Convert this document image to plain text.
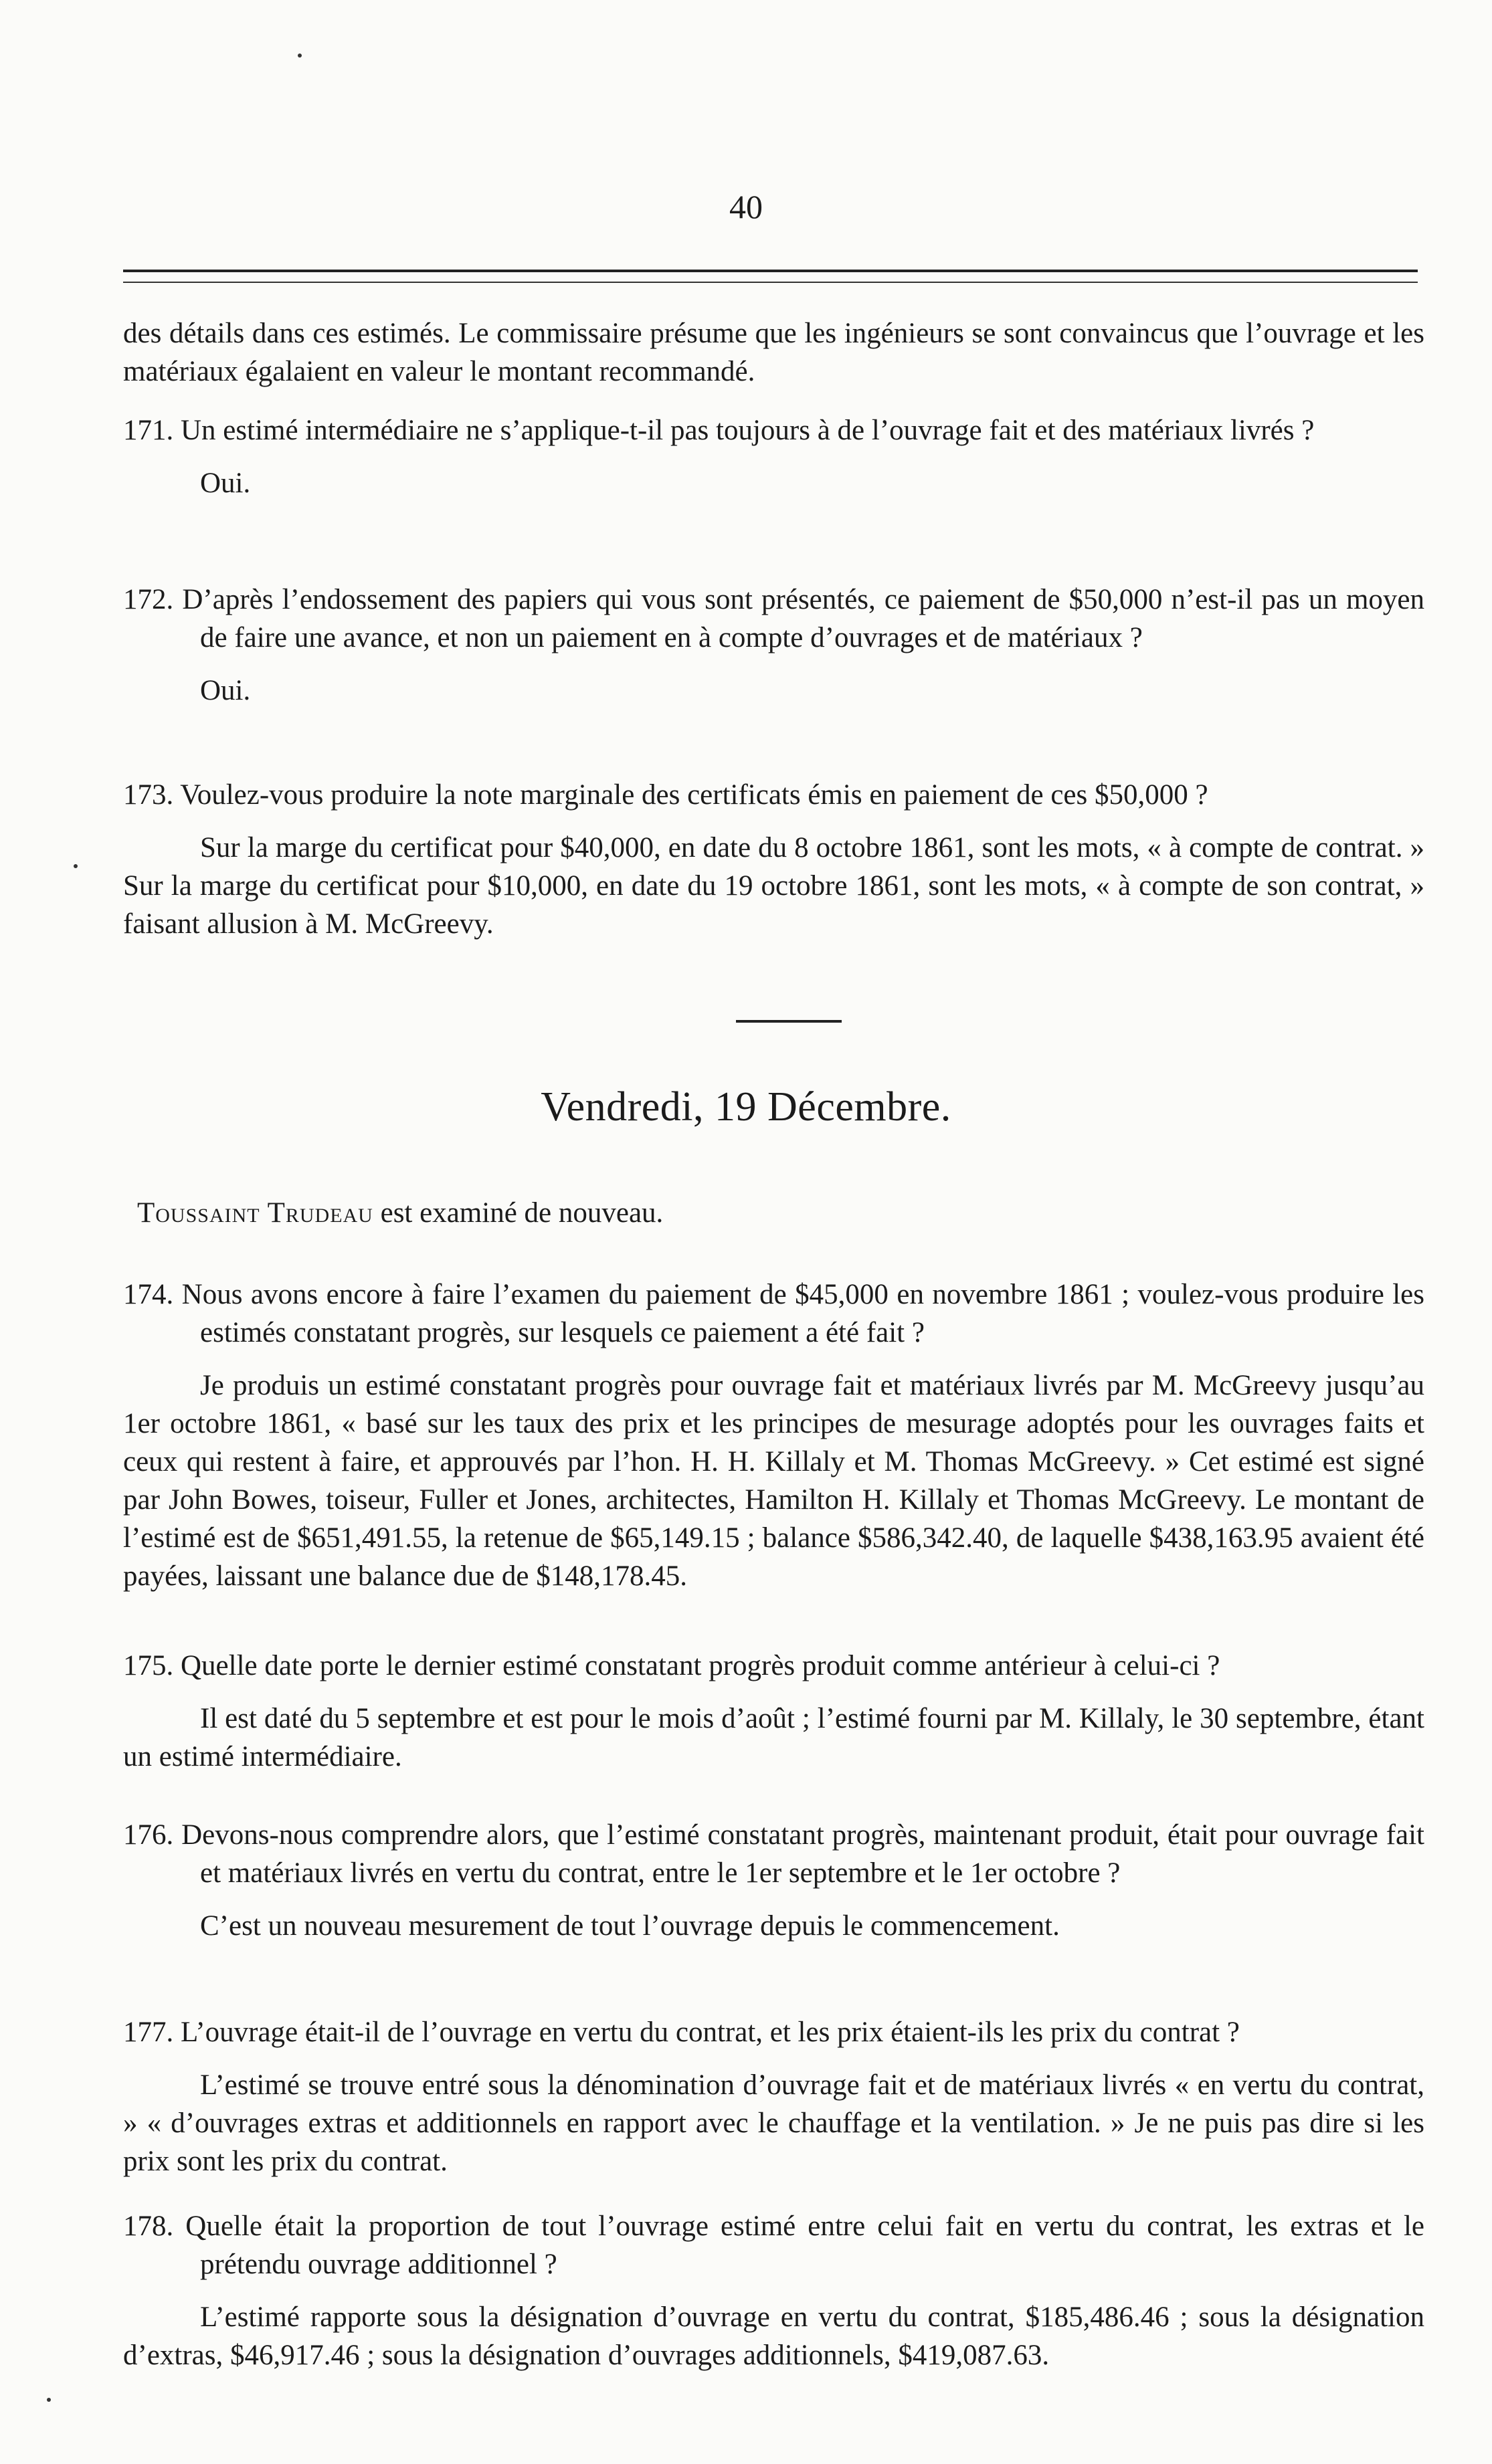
40
des détails dans ces estimés. Le commissaire présume que les ingénieurs se sont convaincus que l’ouvrage et les matériaux égalaient en valeur le montant recommandé.
171. Un estimé intermédiaire ne s’applique-t-il pas toujours à de l’ouvrage fait et des matériaux livrés ?
Oui.
172. D’après l’endossement des papiers qui vous sont présentés, ce paiement de $50,000 n’est-il pas un moyen de faire une avance, et non un paiement en à compte d’ouvrages et de matériaux ?
Oui.
173. Voulez-vous produire la note marginale des certificats émis en paiement de ces $50,000 ?
Sur la marge du certificat pour $40,000, en date du 8 octobre 1861, sont les mots, « à compte de contrat. » Sur la marge du certificat pour $10,000, en date du 19 octobre 1861, sont les mots, « à compte de son contrat, » faisant allusion à M. McGreevy.
Vendredi, 19 Décembre.
Toussaint Trudeau est examiné de nouveau.
174. Nous avons encore à faire l’examen du paiement de $45,000 en novembre 1861 ; voulez-vous produire les estimés constatant progrès, sur lesquels ce paiement a été fait ?
Je produis un estimé constatant progrès pour ouvrage fait et matériaux livrés par M. McGreevy jusqu’au 1er octobre 1861, « basé sur les taux des prix et les principes de mesurage adoptés pour les ouvrages faits et ceux qui restent à faire, et approuvés par l’hon. H. H. Killaly et M. Thomas McGreevy. » Cet estimé est signé par John Bowes, toiseur, Fuller et Jones, architectes, Hamilton H. Killaly et Thomas McGreevy. Le montant de l’estimé est de $651,491.55, la retenue de $65,149.15 ; balance $586,342.40, de laquelle $438,163.95 avaient été payées, laissant une balance due de $148,178.45.
175. Quelle date porte le dernier estimé constatant progrès produit comme antérieur à celui-ci ?
Il est daté du 5 septembre et est pour le mois d’août ; l’estimé fourni par M. Killaly, le 30 septembre, étant un estimé intermédiaire.
176. Devons-nous comprendre alors, que l’estimé constatant progrès, maintenant produit, était pour ouvrage fait et matériaux livrés en vertu du contrat, entre le 1er septembre et le 1er octobre ?
C’est un nouveau mesurement de tout l’ouvrage depuis le commencement.
177. L’ouvrage était-il de l’ouvrage en vertu du contrat, et les prix étaient-ils les prix du contrat ?
L’estimé se trouve entré sous la dénomination d’ouvrage fait et de matériaux livrés « en vertu du contrat, » « d’ouvrages extras et additionnels en rapport avec le chauffage et la ventilation. » Je ne puis pas dire si les prix sont les prix du contrat.
178. Quelle était la proportion de tout l’ouvrage estimé entre celui fait en vertu du contrat, les extras et le prétendu ouvrage additionnel ?
L’estimé rapporte sous la désignation d’ouvrage en vertu du contrat, $185,486.46 ; sous la désignation d’extras, $46,917.46 ; sous la désignation d’ouvrages additionnels, $419,087.63.
